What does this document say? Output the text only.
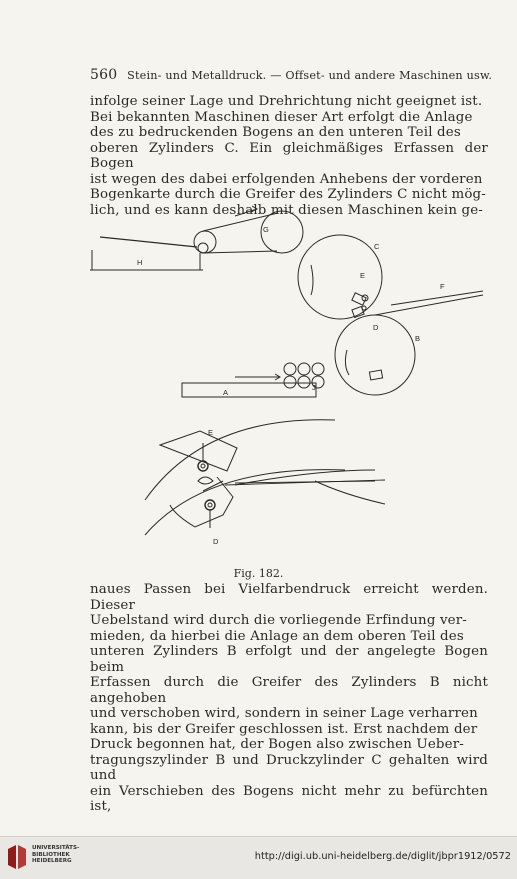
560 Stein- und Metalldruck. — Offset- und andere Maschinen usw.

infolge seiner Lage und Drehrichtung nicht geeignet ist.

Bei bekannten Maschinen dieser Art erfolgt die Anlage

des zu bedruckenden Bogens an den unteren Teil des

oberen Zylinders C. Ein gleichmäßiges Erfassen der Bogen

ist wegen des dabei erfolgenden Anhebens der vorderen

Bogenkarte durch die Greifer des Zylinders C nicht mög-

lich, und es kann deshalb mit diesen Maschinen kein ge-

G
H
C
E
F
D
B
A
J
E
D
Fig. 182.

naues Passen bei Vielfarbendruck erreicht werden. Dieser

Uebelstand wird durch die vorliegende Erfindung ver-

mieden, da hierbei die Anlage an dem oberen Teil des

unteren Zylinders B erfolgt und der angelegte Bogen beim

Erfassen durch die Greifer des Zylinders B nicht angehoben

und verschoben wird, sondern in seiner Lage verharren

kann, bis der Greifer geschlossen ist. Erst nachdem der

Druck begonnen hat, der Bogen also zwischen Ueber-

tragungszylinder B und Druckzylinder C gehalten wird und

ein Verschieben des Bogens nicht mehr zu befürchten ist,

UNIVERSITÄTS-
BIBLIOTHEK
HEIDELBERG	http://digi.ub.uni-heidelberg.de/diglit/jbpr1912/0572
